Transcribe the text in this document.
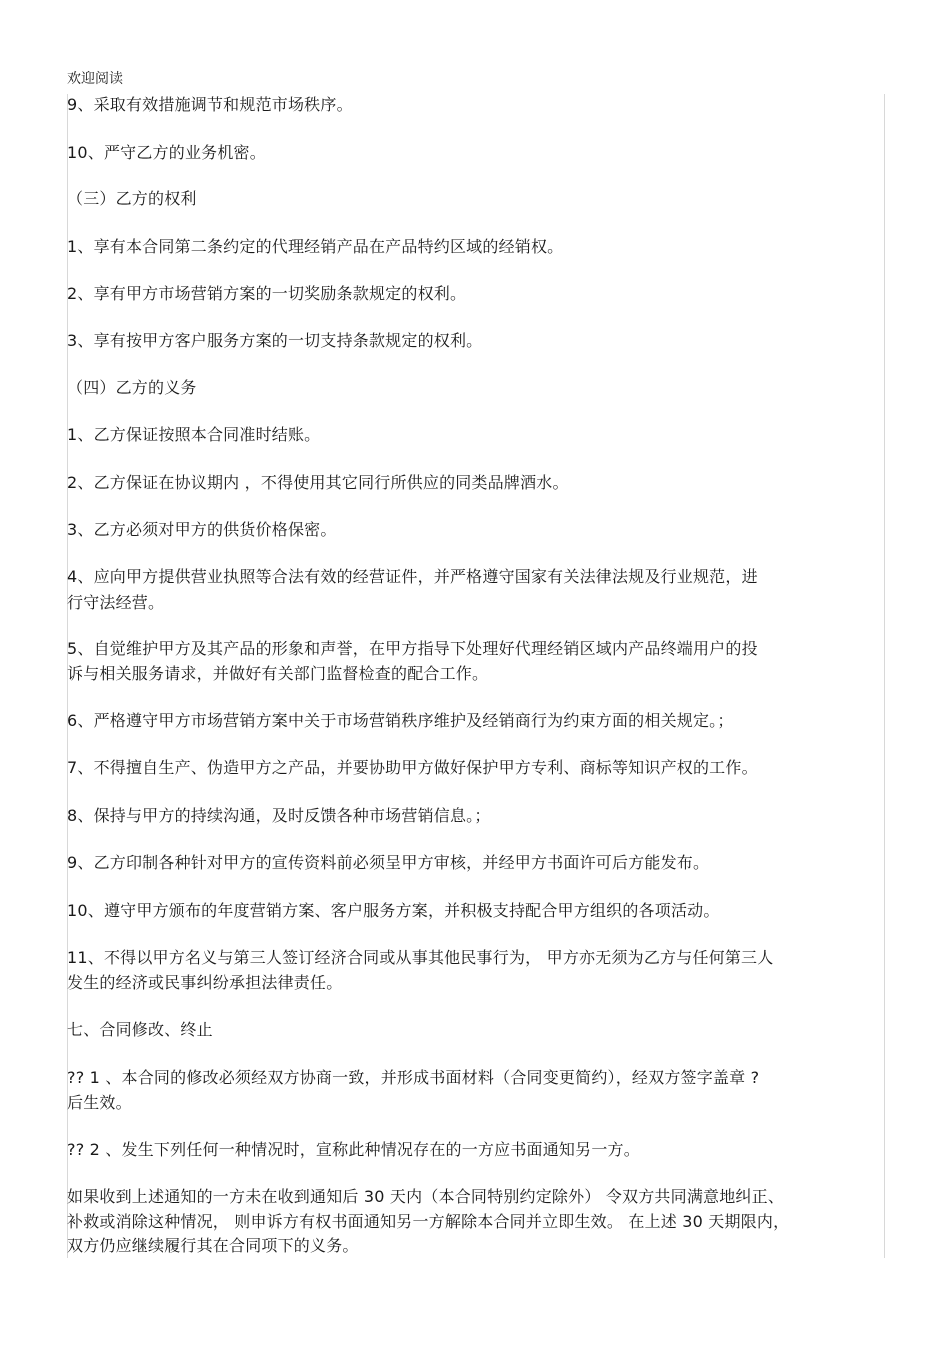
欢迎阅读
9、采取有效措施调节和规范市场秩序。
10、严守乙方的业务机密。
（三）乙方的权利
1、享有本合同第二条约定的代理经销产品在产品特约区域的经销权。
2、享有甲方市场营销方案的一切奖励条款规定的权利。
3、享有按甲方客户服务方案的一切支持条款规定的权利。
（四）乙方的义务
1、乙方保证按照本合同准时结账。
2、乙方保证在协议期内 ，不得使用其它同行所供应的同类品牌酒水。
3、乙方必须对甲方的供货价格保密。
4、应向甲方提供营业执照等合法有效的经营证件，并严格遵守国家有关法律法规及行业规范，进
行守法经营。
5、自觉维护甲方及其产品的形象和声誉，在甲方指导下处理好代理经销区域内产品终端用户的投
诉与相关服务请求，并做好有关部门监督检查的配合工作。
6、严格遵守甲方市场营销方案中关于市场营销秩序维护及经销商行为约束方面的相关规定。；
7、不得擅自生产、伪造甲方之产品，并要协助甲方做好保护甲方专利、商标等知识产权的工作。
8、保持与甲方的持续沟通，及时反馈各种市场营销信息。；
9、乙方印制各种针对甲方的宣传资料前必须呈甲方审核，并经甲方书面许可后方能发布。
10、遵守甲方颁布的年度营销方案、客户服务方案，并积极支持配合甲方组织的各项活动。
11、不得以甲方名义与第三人签订经济合同或从事其他民事行为， 甲方亦无须为乙方与任何第三人
发生的经济或民事纠纷承担法律责任。
七、合同修改、终止
?? 1 、本合同的修改必须经双方协商一致，并形成书面材料（合同变更简约），经双方签字盖章 ?
后生效。
?? 2 、发生下列任何一种情况时，宣称此种情况存在的一方应书面通知另一方。
如果收到上述通知的一方未在收到通知后 30 天内（本合同特别约定除外） 令双方共同满意地纠正、
补救或消除这种情况， 则申诉方有权书面通知另一方解除本合同并立即生效。 在上述 30 天期限内，
双方仍应继续履行其在合同项下的义务。
